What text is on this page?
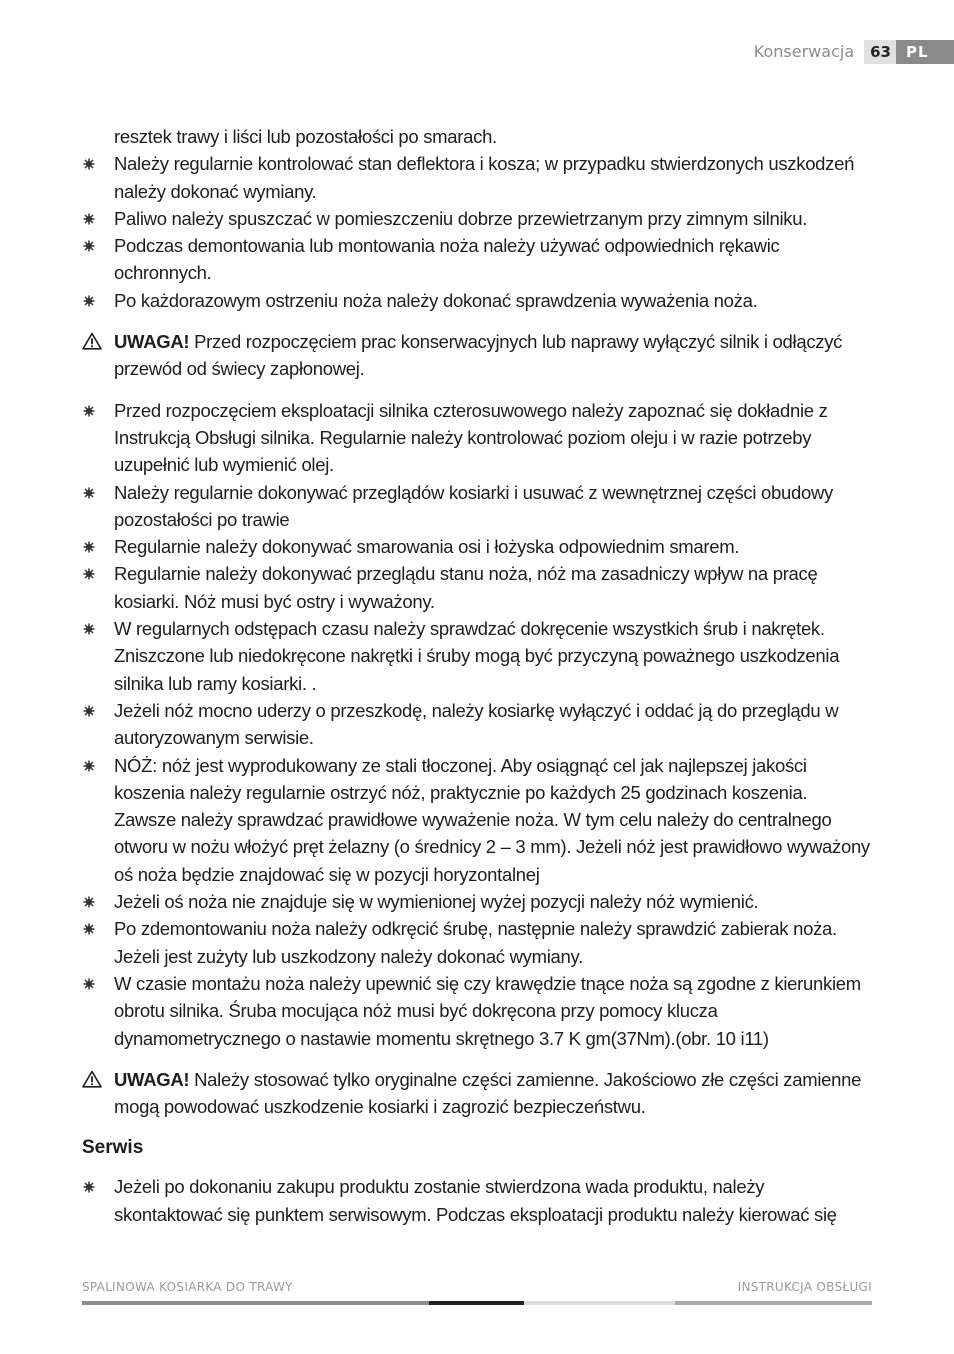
Konserwacja	63	PL
resztek trawy i liści lub pozostałości po smarach.
Należy regularnie kontrolować stan deflektora i kosza; w przypadku stwierdzonych uszkodzeń należy dokonać wymiany.
Paliwo należy spuszczać w pomieszczeniu dobrze przewietrzanym przy zimnym silniku.
Podczas demontowania lub montowania noża należy używać odpowiednich rękawic ochronnych.
Po każdorazowym ostrzeniu noża należy dokonać sprawdzenia wyważenia noża.
UWAGA! Przed rozpoczęciem prac konserwacyjnych lub naprawy wyłączyć silnik i odłączyć przewód od świecy zapłonowej.
Przed rozpoczęciem eksploatacji silnika czterosuwowego należy zapoznać się dokładnie z Instrukcją Obsługi silnika. Regularnie należy kontrolować poziom oleju i w razie potrzeby uzupełnić lub wymienić olej.
Należy regularnie dokonywać przeglądów kosiarki i usuwać z wewnętrznej części obudowy pozostałości po trawie
Regularnie należy dokonywać smarowania osi i łożyska odpowiednim smarem.
Regularnie należy dokonywać przeglądu stanu noża, nóż ma zasadniczy wpływ na pracę kosiarki. Nóż musi być ostry i wyważony.
W regularnych odstępach czasu należy sprawdzać dokręcenie wszystkich śrub i nakrętek. Zniszczone lub niedokręcone nakrętki i śruby mogą być przyczyną poważnego uszkodzenia silnika lub ramy kosiarki. .
Jeżeli nóż mocno uderzy o przeszkodę, należy kosiarkę wyłączyć i oddać ją do przeglądu w autoryzowanym serwisie.
NÓŻ: nóż jest wyprodukowany ze stali tłoczonej. Aby osiągnąć cel jak najlepszej jakości koszenia należy regularnie ostrzyć nóż, praktycznie po każdych 25 godzinach koszenia. Zawsze należy sprawdzać prawidłowe wyważenie noża. W tym celu należy do centralnego otworu w nożu włożyć pręt żelazny (o średnicy 2 – 3 mm). Jeżeli nóż jest prawidłowo wyważony oś noża będzie znajdować się w pozycji horyzontalnej
Jeżeli oś noża nie znajduje się w wymienionej wyżej pozycji należy nóż wymienić.
Po zdemontowaniu noża należy odkręcić śrubę, następnie należy sprawdzić zabierak noża. Jeżeli jest zużyty lub uszkodzony należy dokonać wymiany.
W czasie montażu noża należy upewnić się czy krawędzie tnące noża są zgodne z kierunkiem obrotu silnika. Śruba mocująca nóż musi być dokręcona przy pomocy klucza dynamometrycznego o nastawie momentu skrętnego 3.7 K gm(37Nm).(obr. 10 i11)
UWAGA! Należy stosować tylko oryginalne części zamienne. Jakościowo złe części zamienne mogą powodować uszkodzenie kosiarki i zagrozić bezpieczeństwu.
Serwis
Jeżeli po dokonaniu zakupu produktu zostanie stwierdzona wada produktu, należy skontaktować się punktem serwisowym. Podczas eksploatacji produktu należy kierować się
SPALINOWA KOSIARKA DO TRAWY	INSTRUKCJA OBSŁUGI
